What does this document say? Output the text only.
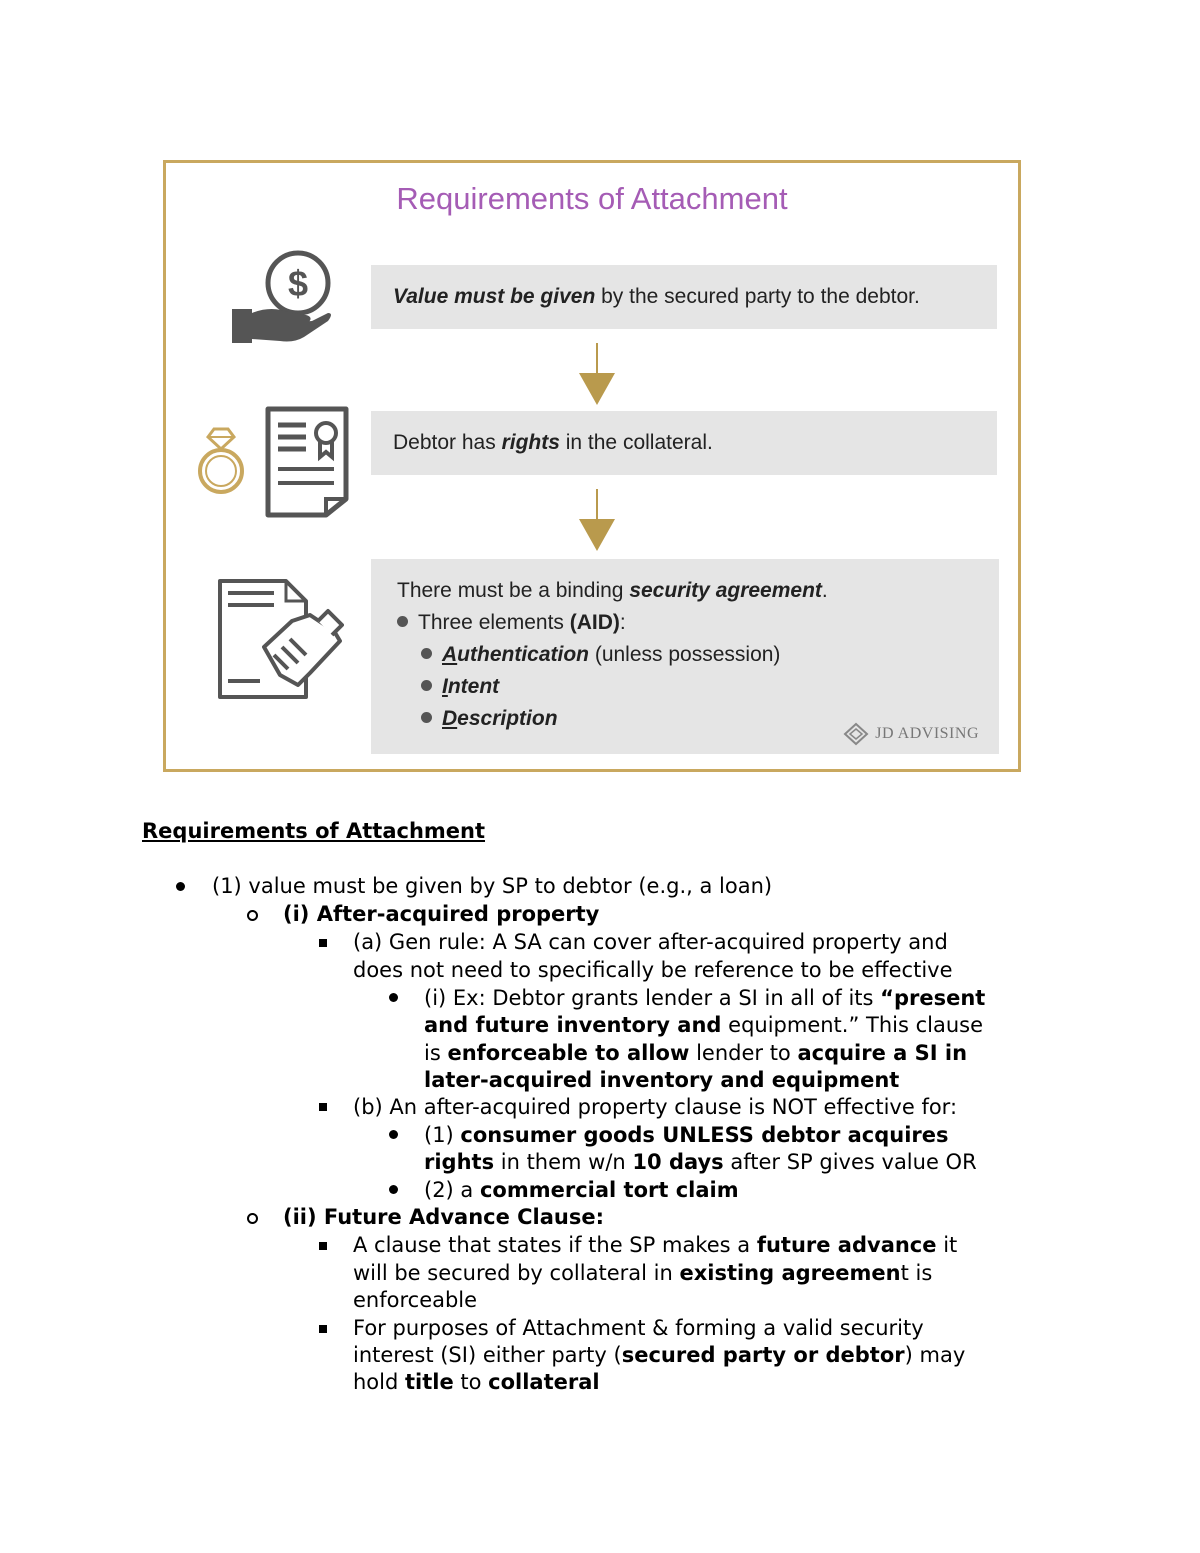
Requirements of Attachment
$	Value must be given by the secured party to the debtor.
Debtor has rights in the collateral.
There must be a binding security agreement.
Three elements (AID):
Authentication (unless possession)
Intent
Description
JD ADVISING
Requirements of Attachment
(1) value must be given by SP to debtor (e.g., a loan)
(i) After-acquired property
(a) Gen rule: A SA can cover after-acquired property and
does not need to specifically be reference to be effective
(i) Ex: Debtor grants lender a SI in all of its “present
and future inventory and equipment.” This clause
is enforceable to allow lender to acquire a SI in
later-acquired inventory and equipment
(b) An after-acquired property clause is NOT effective for:
(1) consumer goods UNLESS debtor acquires
rights in them w/n 10 days after SP gives value OR
(2) a commercial tort claim
(ii) Future Advance Clause:
A clause that states if the SP makes a future advance it
will be secured by collateral in existing agreement is
enforceable
For purposes of Attachment & forming a valid security
interest (SI) either party (secured party or debtor) may
hold title to collateral
